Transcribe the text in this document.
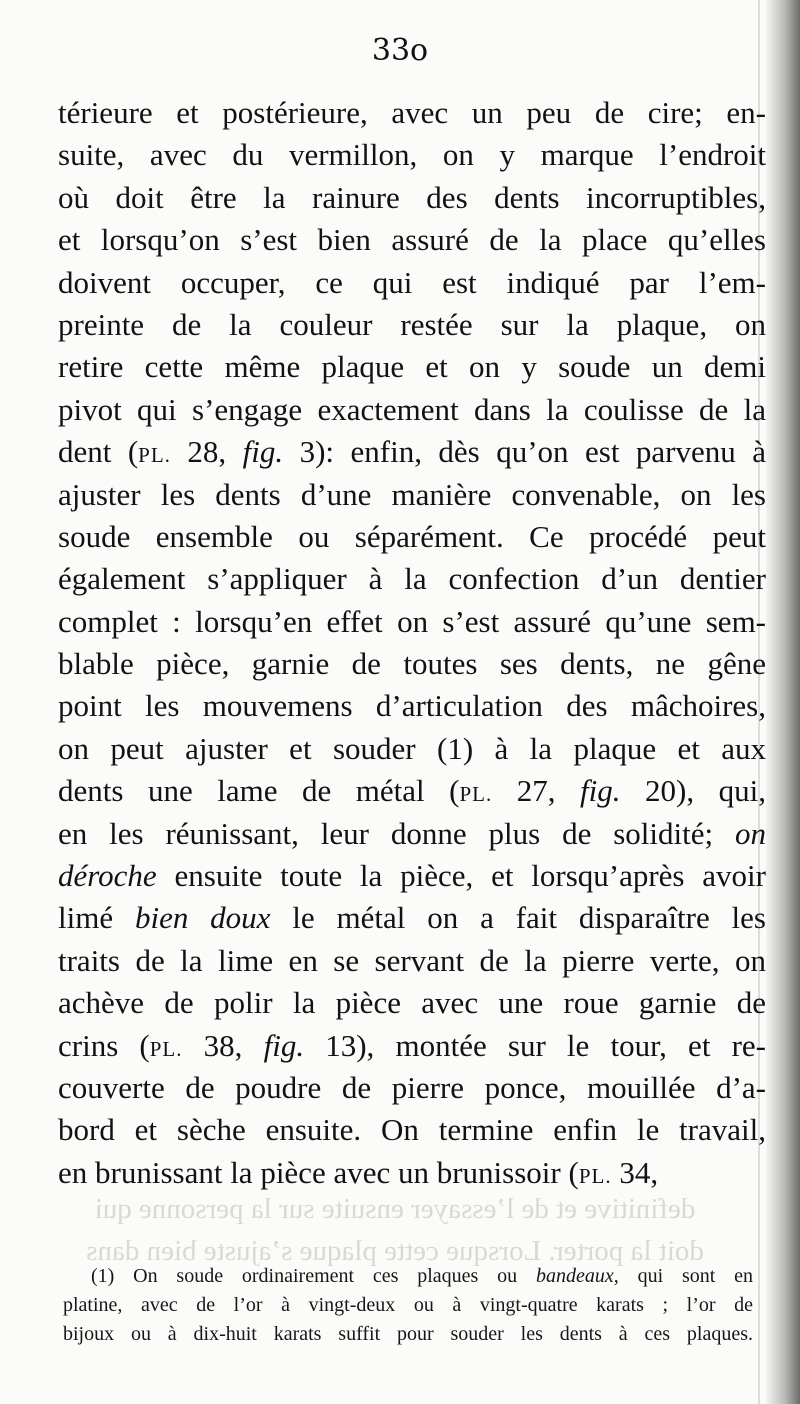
33o
térieure et postérieure, avec un peu de cire; en-
suite, avec du vermillon, on y marque l’endroit
où doit être la rainure des dents incorruptibles,
et lorsqu’on s’est bien assuré de la place qu’elles
doivent occuper, ce qui est indiqué par l’em-
preinte de la couleur restée sur la plaque, on
retire cette même plaque et on y soude un demi
pivot qui s’engage exactement dans la coulisse de la
dent (PL. 28, fig. 3): enfin, dès qu’on est parvenu à
ajuster les dents d’une manière convenable, on les
soude ensemble ou séparément. Ce procédé peut
également s’appliquer à la confection d’un dentier
complet : lorsqu’en effet on s’est assuré qu’une sem-
blable pièce, garnie de toutes ses dents, ne gêne
point les mouvemens d’articulation des mâchoires,
on peut ajuster et souder (1) à la plaque et aux
dents une lame de métal (PL. 27, fig. 20), qui,
en les réunissant, leur donne plus de solidité; on
déroche ensuite toute la pièce, et lorsqu’après avoir
limé bien doux le métal on a fait disparaître les
traits de la lime en se servant de la pierre verte, on
achève de polir la pièce avec une roue garnie de
crins (PL. 38, fig. 13), montée sur le tour, et re-
couverte de poudre de pierre ponce, mouillée d’a-
bord et sèche ensuite. On termine enfin le travail,
en brunissant la pièce avec un brunissoir (PL. 34,
definitive et de l’essayer ensuite sur la personne qui
doit la porter. Lorsque cette plaque s’ajuste bien dans
(1) On soude ordinairement ces plaques ou bandeaux, qui sont en
platine, avec de l’or à vingt-deux ou à vingt-quatre karats ; l’or de
bijoux ou à dix-huit karats suffit pour souder les dents à ces plaques.
